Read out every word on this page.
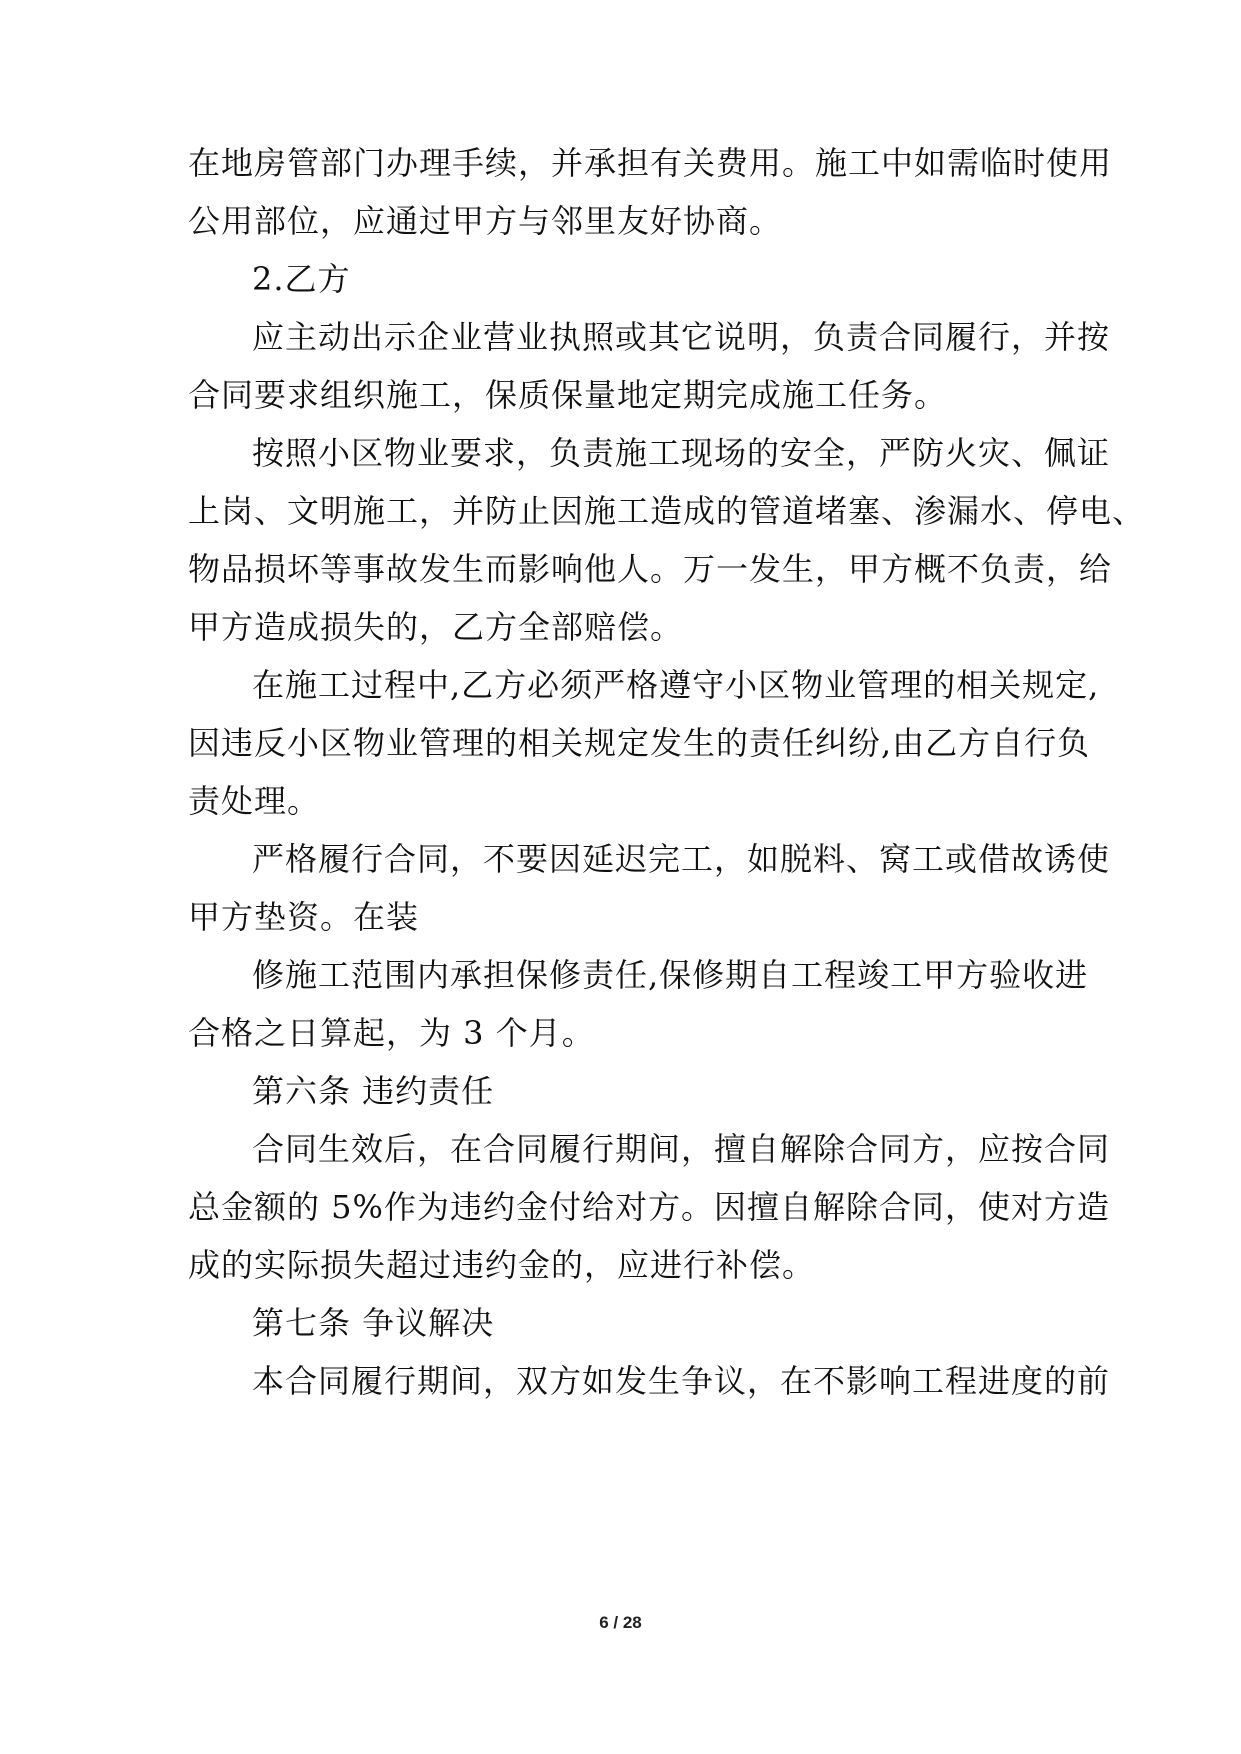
在地房管部门办理手续，并承担有关费用。施工中如需临时使用
公用部位，应通过甲方与邻里友好协商。
2.乙方
应主动出示企业营业执照或其它说明，负责合同履行，并按
合同要求组织施工，保质保量地定期完成施工任务。
按照小区物业要求，负责施工现场的安全，严防火灾、佩证
上岗、文明施工，并防止因施工造成的管道堵塞、渗漏水、停电、
物品损坏等事故发生而影响他人。万一发生，甲方概不负责，给
甲方造成损失的，乙方全部赔偿。
在施工过程中,乙方必须严格遵守小区物业管理的相关规定,
因违反小区物业管理的相关规定发生的责任纠纷,由乙方自行负
责处理。
严格履行合同，不要因延迟完工，如脱料、窝工或借故诱使
甲方垫资。在装
修施工范围内承担保修责任,保修期自工程竣工甲方验收进
合格之日算起，为 3 个月。
第六条 违约责任
合同生效后，在合同履行期间，擅自解除合同方，应按合同
总金额的 5%作为违约金付给对方。因擅自解除合同，使对方造
成的实际损失超过违约金的，应进行补偿。
第七条 争议解决
本合同履行期间，双方如发生争议，在不影响工程进度的前
6 / 28
